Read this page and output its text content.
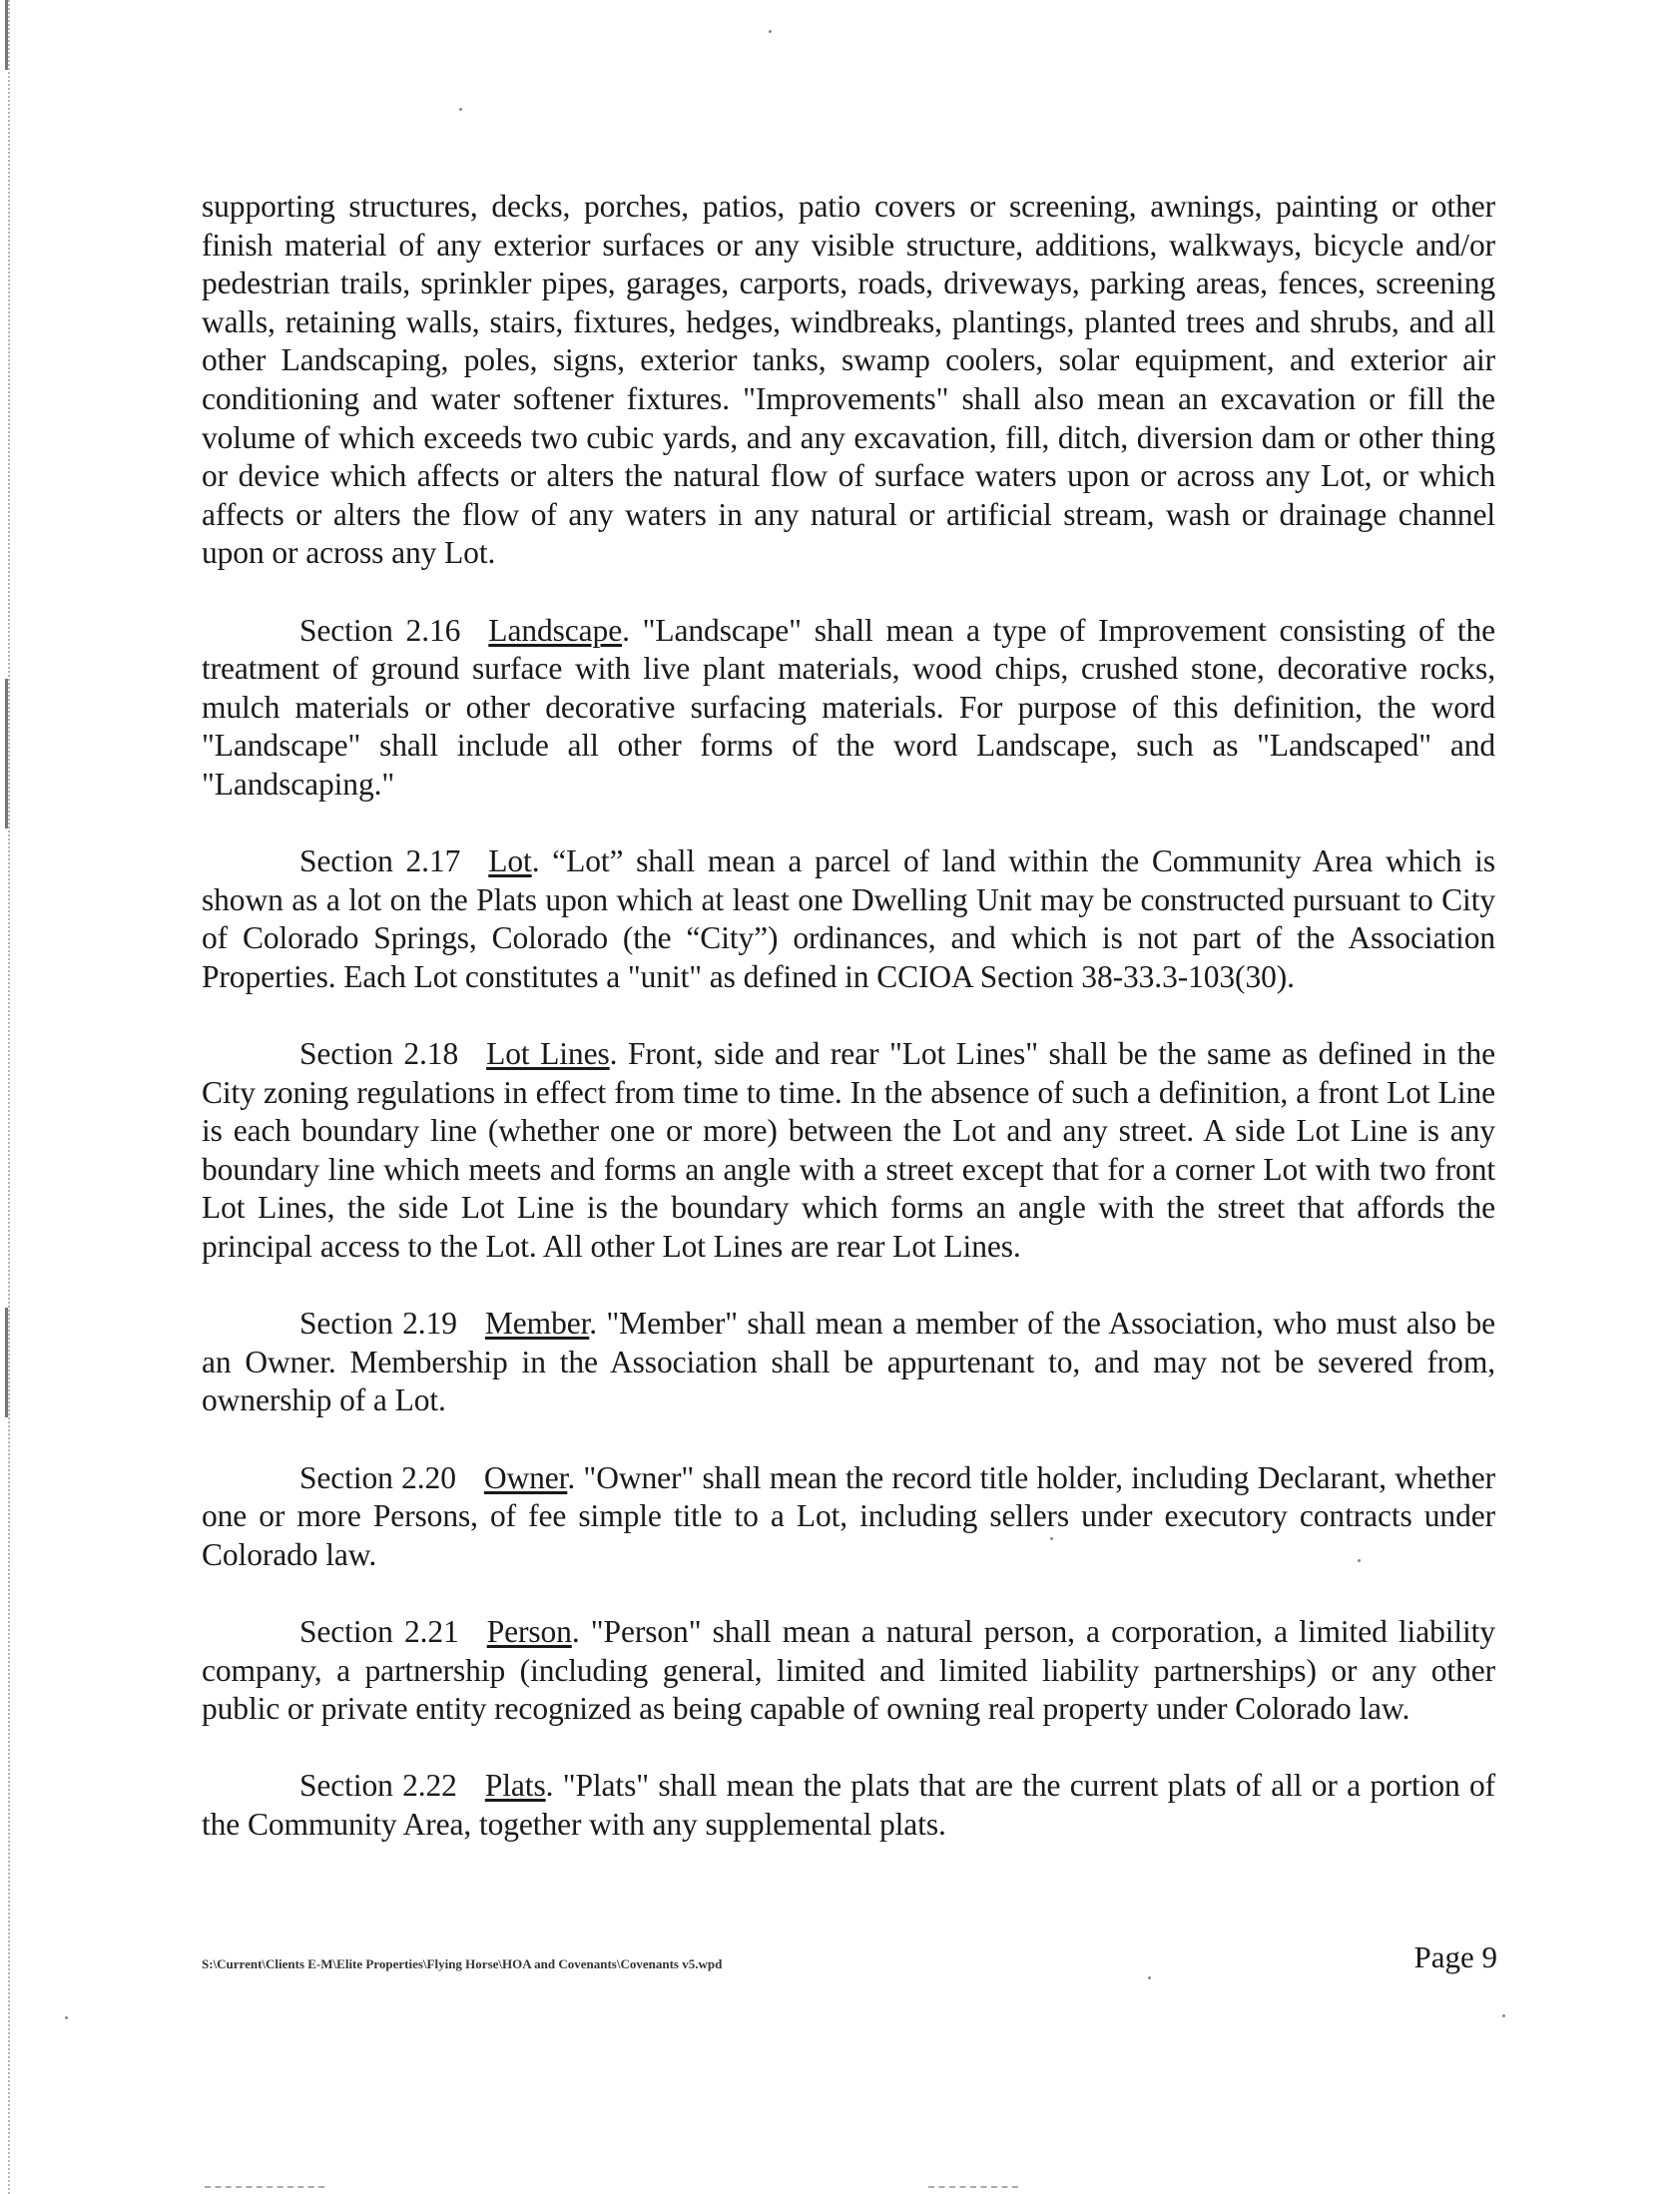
supporting structures, decks, porches, patios, patio covers or screening, awnings, painting or other finish material of any exterior surfaces or any visible structure, additions, walkways, bicycle and/or pedestrian trails, sprinkler pipes, garages, carports, roads, driveways, parking areas, fences, screening walls, retaining walls, stairs, fixtures, hedges, windbreaks, plantings, planted trees and shrubs, and all other Landscaping, poles, signs, exterior tanks, swamp coolers, solar equipment, and exterior air conditioning and water softener fixtures. "Improvements" shall also mean an excavation or fill the volume of which exceeds two cubic yards, and any excavation, fill, ditch, diversion dam or other thing or device which affects or alters the natural flow of surface waters upon or across any Lot, or which affects or alters the flow of any waters in any natural or artificial stream, wash or drainage channel upon or across any Lot.

Section 2.16 Landscape. "Landscape" shall mean a type of Improvement consisting of the treatment of ground surface with live plant materials, wood chips, crushed stone, decorative rocks, mulch materials or other decorative surfacing materials. For purpose of this definition, the word "Landscape" shall include all other forms of the word Landscape, such as "Landscaped" and "Landscaping."

Section 2.17 Lot. “Lot” shall mean a parcel of land within the Community Area which is shown as a lot on the Plats upon which at least one Dwelling Unit may be constructed pursuant to City of Colorado Springs, Colorado (the “City”) ordinances, and which is not part of the Association Properties. Each Lot constitutes a "unit" as defined in CCIOA Section 38-33.3-103(30).

Section 2.18 Lot Lines. Front, side and rear "Lot Lines" shall be the same as defined in the City zoning regulations in effect from time to time. In the absence of such a definition, a front Lot Line is each boundary line (whether one or more) between the Lot and any street. A side Lot Line is any boundary line which meets and forms an angle with a street except that for a corner Lot with two front Lot Lines, the side Lot Line is the boundary which forms an angle with the street that affords the principal access to the Lot. All other Lot Lines are rear Lot Lines.

Section 2.19 Member. "Member" shall mean a member of the Association, who must also be an Owner. Membership in the Association shall be appurtenant to, and may not be severed from, ownership of a Lot.

Section 2.20 Owner. "Owner" shall mean the record title holder, including Declarant, whether one or more Persons, of fee simple title to a Lot, including sellers under executory contracts under Colorado law.

Section 2.21 Person. "Person" shall mean a natural person, a corporation, a limited liability company, a partnership (including general, limited and limited liability partnerships) or any other public or private entity recognized as being capable of owning real property under Colorado law.

Section 2.22 Plats. "Plats" shall mean the plats that are the current plats of all or a portion of the Community Area, together with any supplemental plats.

S:\Current\Clients E-M\Elite Properties\Flying Horse\HOA and Covenants\Covenants v5.wpd	Page 9
